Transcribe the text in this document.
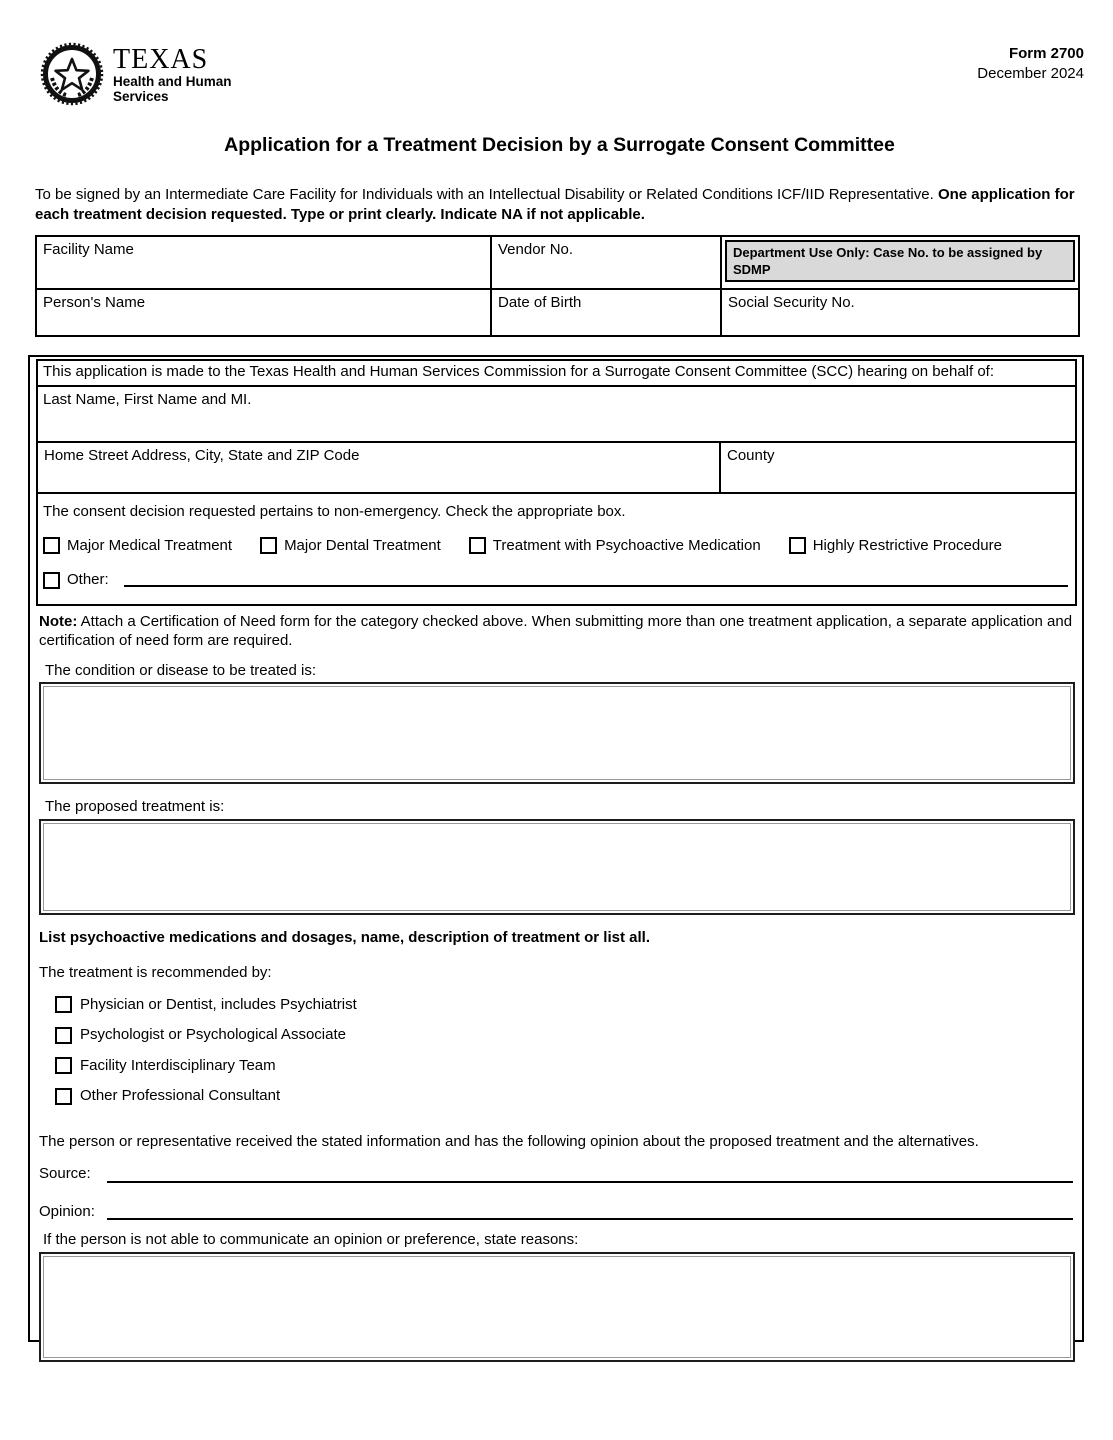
TEXAS
Health and Human
Services
Form 2700
December 2024
Application for a Treatment Decision by a Surrogate Consent Committee
To be signed by an Intermediate Care Facility for Individuals with an Intellectual Disability or Related Conditions ICF/IID Representative. One application for each treatment decision requested. Type or print clearly. Indicate NA if not applicable.
Facility Name	Vendor No.	Department Use Only: Case No. to be assigned by SDMP
Person's Name	Date of Birth	Social Security No.
This application is made to the Texas Health and Human Services Commission for a Surrogate Consent Committee (SCC) hearing on behalf of:
Last Name, First Name and MI.
Home Street Address, City, State and ZIP Code	County
The consent decision requested pertains to non-emergency. Check the appropriate box.
Major Medical Treatment	Major Dental Treatment	Treatment with Psychoactive Medication	Highly Restrictive Procedure
Other:
Note: Attach a Certification of Need form for the category checked above. When submitting more than one treatment application, a separate application and certification of need form are required.
The condition or disease to be treated is:
The proposed treatment is:
List psychoactive medications and dosages, name, description of treatment or list all.
The treatment is recommended by:
Physician or Dentist, includes Psychiatrist
Psychologist or Psychological Associate
Facility Interdisciplinary Team
Other Professional Consultant
The person or representative received the stated information and has the following opinion about the proposed treatment and the alternatives.
Source:
Opinion:
If the person is not able to communicate an opinion or preference, state reasons:
